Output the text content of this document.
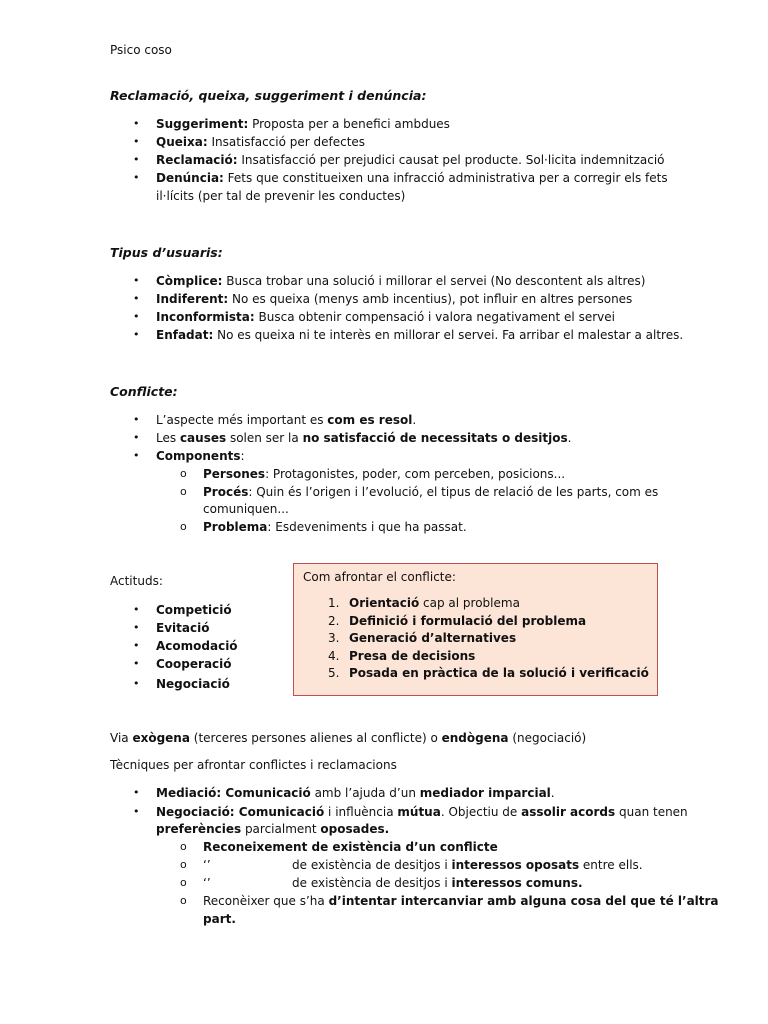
Psico coso
Reclamació, queixa, suggeriment i denúncia:
• Suggeriment: Proposta per a benefici ambdues
• Queixa: Insatisfacció per defectes
• Reclamació: Insatisfacció per prejudici causat pel producte. Sol·licita indemnització
• Denúncia: Fets que constitueixen una infracció administrativa per a corregir els fets
il·lícits (per tal de prevenir les conductes)
Tipus d’usuaris:
• Còmplice: Busca trobar una solució i millorar el servei (No descontent als altres)
• Indiferent: No es queixa (menys amb incentius), pot influir en altres persones
• Inconformista: Busca obtenir compensació i valora negativament el servei
• Enfadat: No es queixa ni te interès en millorar el servei. Fa arribar el malestar a altres.
Conflicte:
• L’aspecte més important es com es resol.
• Les causes solen ser la no satisfacció de necessitats o desitjos.
• Components:
o Persones: Protagonistes, poder, com perceben, posicions...
o Procés: Quin és l’origen i l’evolució, el tipus de relació de les parts, com es
comuniquen...
o Problema: Esdeveniments i que ha passat.
Actituds:
• Competició
• Evitació
• Acomodació
• Cooperació
• Negociació
Com afrontar el conflicte:
1. Orientació cap al problema
2. Definició i formulació del problema
3. Generació d’alternatives
4. Presa de decisions
5. Posada en pràctica de la solució i verificació
Via exògena (terceres persones alienes al conflicte) o endògena (negociació)
Tècniques per afrontar conflictes i reclamacions
• Mediació: Comunicació amb l’ajuda d’un mediador imparcial.
• Negociació: Comunicació i influència mútua. Objectiu de assolir acords quan tenen
preferències parcialment oposades.
o Reconeixement de existència d’un conflicte
o ‘’	de existència de desitjos i interessos oposats entre ells.
o ‘’	de existència de desitjos i interessos comuns.
o Reconèixer que s’ha d’intentar intercanviar amb alguna cosa del que té l’altra
part.
